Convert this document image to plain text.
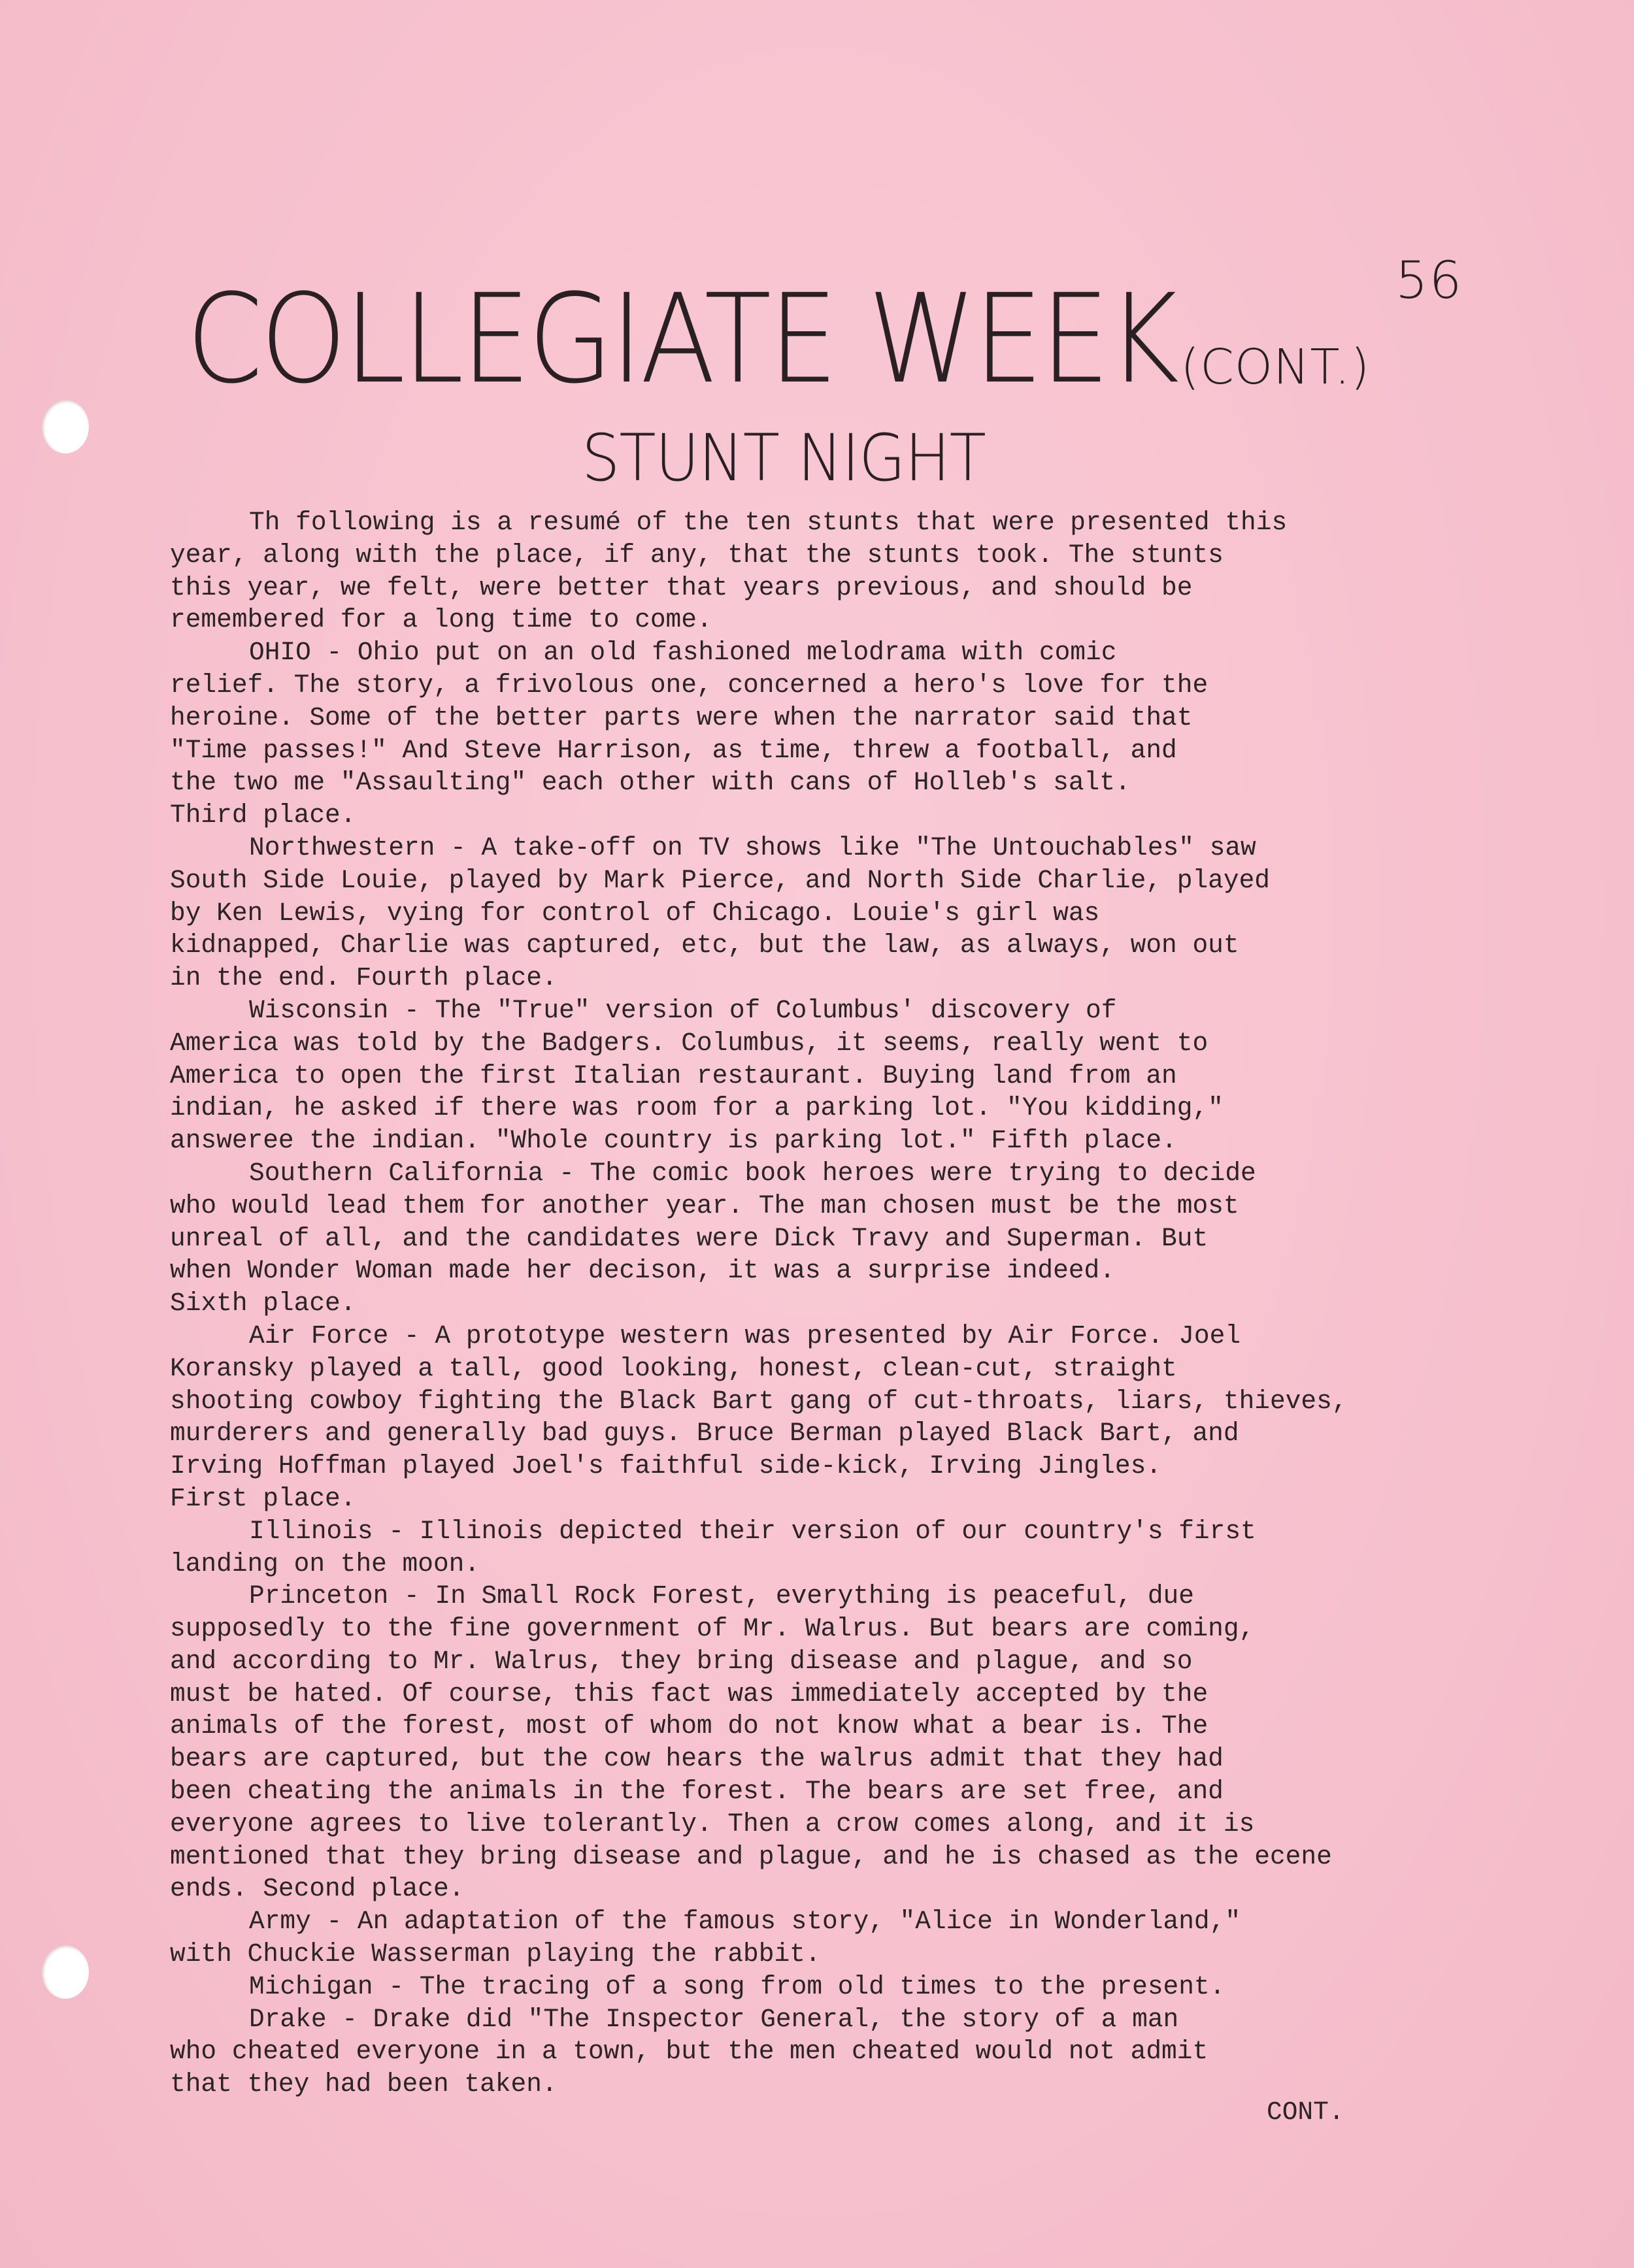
56
COLLEGIATE WEEK(CONT.)
STUNT NIGHT
Th following is a resumé of the ten stunts that were presented this
year, along with the place, if any, that the stunts took. The stunts
this year, we felt, were better that years previous, and should be
remembered for a long time to come.
OHIO - Ohio put on an old fashioned melodrama with comic
relief. The story, a frivolous one, concerned a hero's love for the
heroine. Some of the better parts were when the narrator said that
"Time passes!" And Steve Harrison, as time, threw a football, and
the two me "Assaulting" each other with cans of Holleb's salt.
Third place.
Northwestern - A take-off on TV shows like "The Untouchables" saw
South Side Louie, played by Mark Pierce, and North Side Charlie, played
by Ken Lewis, vying for control of Chicago. Louie's girl was
kidnapped, Charlie was captured, etc, but the law, as always, won out
in the end. Fourth place.
Wisconsin - The "True" version of Columbus' discovery of
America was told by the Badgers. Columbus, it seems, really went to
America to open the first Italian restaurant. Buying land from an
indian, he asked if there was room for a parking lot. "You kidding,"
answeree the indian. "Whole country is parking lot." Fifth place.
Southern California - The comic book heroes were trying to decide
who would lead them for another year. The man chosen must be the most
unreal of all, and the candidates were Dick Travy and Superman. But
when Wonder Woman made her decison, it was a surprise indeed.
Sixth place.
Air Force - A prototype western was presented by Air Force. Joel
Koransky played a tall, good looking, honest, clean-cut, straight
shooting cowboy fighting the Black Bart gang of cut-throats, liars, thieves,
murderers and generally bad guys. Bruce Berman played Black Bart, and
Irving Hoffman played Joel's faithful side-kick, Irving Jingles.
First place.
Illinois - Illinois depicted their version of our country's first
landing on the moon.
Princeton - In Small Rock Forest, everything is peaceful, due
supposedly to the fine government of Mr. Walrus. But bears are coming,
and according to Mr. Walrus, they bring disease and plague, and so
must be hated. Of course, this fact was immediately accepted by the
animals of the forest, most of whom do not know what a bear is. The
bears are captured, but the cow hears the walrus admit that they had
been cheating the animals in the forest. The bears are set free, and
everyone agrees to live tolerantly. Then a crow comes along, and it is
mentioned that they bring disease and plague, and he is chased as the ecene
ends. Second place.
Army - An adaptation of the famous story, "Alice in Wonderland,"
with Chuckie Wasserman playing the rabbit.
Michigan - The tracing of a song from old times to the present.
Drake - Drake did "The Inspector General, the story of a man
who cheated everyone in a town, but the men cheated would not admit
that they had been taken.
CONT.
